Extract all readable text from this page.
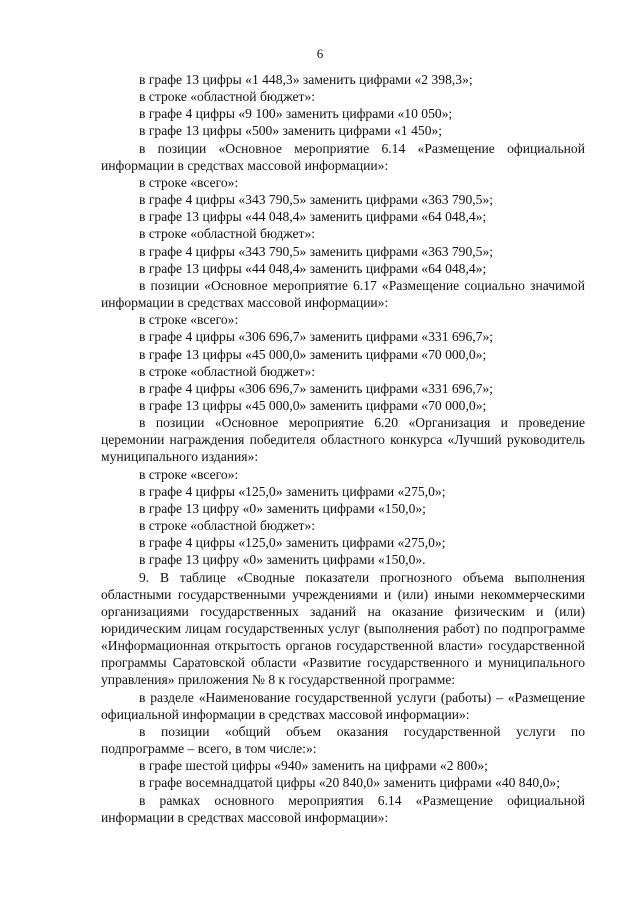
6

в графе 13 цифры «1 448,3» заменить цифрами «2 398,3»;

в строке «областной бюджет»:

в графе 4 цифры «9 100» заменить цифрами «10 050»;

в графе 13 цифры «500» заменить цифрами «1 450»;

в позиции «Основное мероприятие 6.14 «Размещение официальной информации в средствах массовой информации»:

в строке «всего»:

в графе 4 цифры «343 790,5» заменить цифрами «363 790,5»;

в графе 13 цифры «44 048,4» заменить цифрами «64 048,4»;

в строке «областной бюджет»:

в графе 4 цифры «343 790,5» заменить цифрами «363 790,5»;

в графе 13 цифры «44 048,4» заменить цифрами «64 048,4»;

в позиции «Основное мероприятие 6.17 «Размещение социально значимой информации в средствах массовой информации»:

в строке «всего»:

в графе 4 цифры «306 696,7» заменить цифрами «331 696,7»;

в графе 13 цифры «45 000,0» заменить цифрами «70 000,0»;

в строке «областной бюджет»:

в графе 4 цифры «306 696,7» заменить цифрами «331 696,7»;

в графе 13 цифры «45 000,0» заменить цифрами «70 000,0»;

в позиции «Основное мероприятие 6.20 «Организация и проведение церемонии награждения победителя областного конкурса «Лучший руководитель муниципального издания»:

в строке «всего»:

в графе 4 цифры «125,0» заменить цифрами «275,0»;

в графе 13 цифру «0» заменить цифрами «150,0»;

в строке «областной бюджет»:

в графе 4 цифры «125,0» заменить цифрами «275,0»;

в графе 13 цифру «0» заменить цифрами «150,0».

9. В таблице «Сводные показатели прогнозного объема выполнения областными государственными учреждениями и (или) иными некоммерческими организациями государственных заданий на оказание физическим и (или) юридическим лицам государственных услуг (выполнения работ) по подпрограмме «Информационная открытость органов государственной власти» государственной программы Саратовской области «Развитие государственного и муниципального управления» приложения № 8 к государственной программе:

в разделе «Наименование государственной услуги (работы) – «Размещение официальной информации в средствах массовой информации»:

в позиции «общий объем оказания государственной услуги по подпрограмме – всего, в том числе:»:

в графе шестой цифры «940» заменить на цифрами «2 800»;

в графе восемнадцатой цифры «20 840,0» заменить цифрами «40 840,0»;

в рамках основного мероприятия 6.14 «Размещение официальной информации в средствах массовой информации»:
